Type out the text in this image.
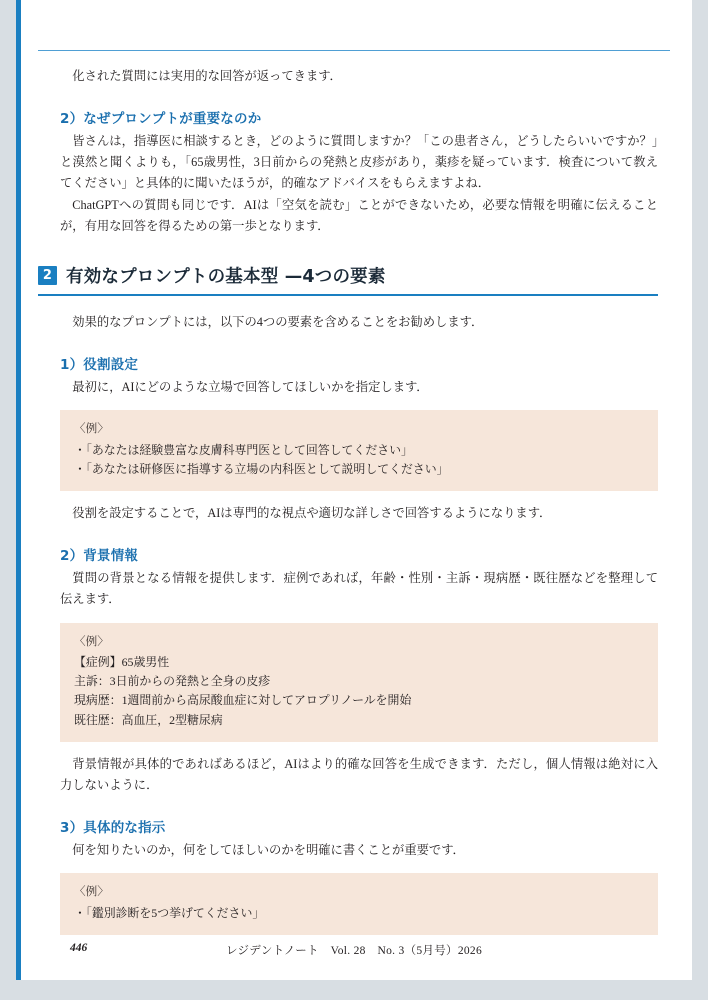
化された質問には実用的な回答が返ってきます．

2）なぜプロンプトが重要なのか

皆さんは，指導医に相談するとき，どのように質問しますか？「この患者さん，どうしたらいいですか？」と漠然と聞くよりも，「65歳男性，3日前からの発熱と皮疹があり，薬疹を疑っています．検査について教えてください」と具体的に聞いたほうが，的確なアドバイスをもらえますよね．

ChatGPTへの質問も同じです．AIは「空気を読む」ことができないため，必要な情報を明確に伝えることが，有用な回答を得るための第一歩となります．

2 有効なプロンプトの基本型 —4つの要素

効果的なプロンプトには，以下の4つの要素を含めることをお勧めします．

1）役割設定

最初に，AIにどのような立場で回答してほしいかを指定します．

〈例〉
・「あなたは経験豊富な皮膚科専門医として回答してください」
・「あなたは研修医に指導する立場の内科医として説明してください」

役割を設定することで，AIは専門的な視点や適切な詳しさで回答するようになります．

2）背景情報

質問の背景となる情報を提供します．症例であれば，年齢・性別・主訴・現病歴・既往歴などを整理して伝えます．

〈例〉
【症例】65歳男性
主訴：3日前からの発熱と全身の皮疹
現病歴：1週間前から高尿酸血症に対してアロプリノールを開始
既往歴：高血圧，2型糖尿病

背景情報が具体的であればあるほど，AIはより的確な回答を生成できます．ただし，個人情報は絶対に入力しないように．

3）具体的な指示

何を知りたいのか，何をしてほしいのかを明確に書くことが重要です．

〈例〉
・「鑑別診断を5つ挙げてください」
446	レジデントノート　Vol. 28　No. 3（5月号）2026
